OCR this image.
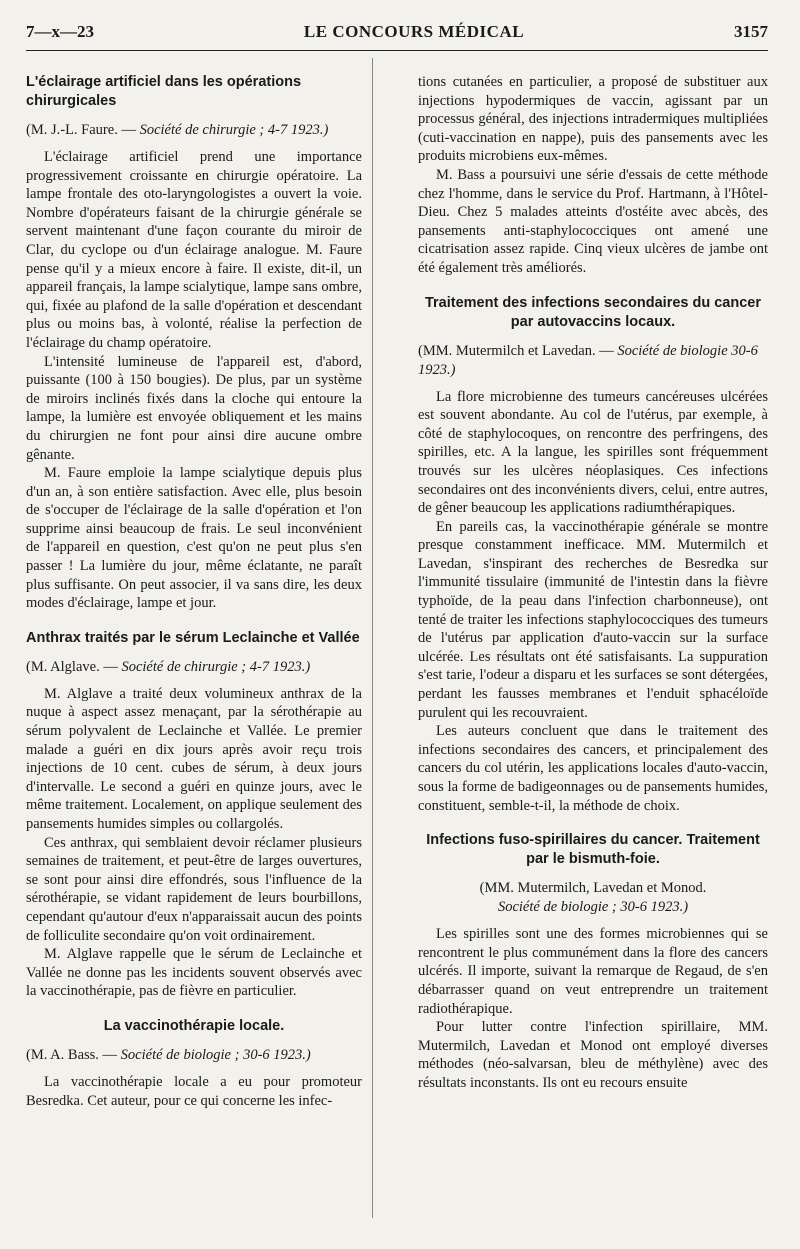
7—x—23	LE CONCOURS MÉDICAL	3157
L'éclairage artificiel dans les opérations chirurgicales
(M. J.-L. Faure. — Société de chirurgie ; 4-7 1923.)

L'éclairage artificiel prend une importance progressivement croissante en chirurgie opératoire. La lampe frontale des oto-laryngologistes a ouvert la voie. Nombre d'opérateurs faisant de la chirurgie générale se servent maintenant d'une façon courante du miroir de Clar, du cyclope ou d'un éclairage analogue. M. Faure pense qu'il y a mieux encore à faire. Il existe, dit-il, un appareil français, la lampe scialytique, lampe sans ombre, qui, fixée au plafond de la salle d'opération et descendant plus ou moins bas, à volonté, réalise la perfection de l'éclairage du champ opératoire.

L'intensité lumineuse de l'appareil est, d'abord, puissante (100 à 150 bougies). De plus, par un système de miroirs inclinés fixés dans la cloche qui entoure la lampe, la lumière est envoyée obliquement et les mains du chirurgien ne font pour ainsi dire aucune ombre gênante.

M. Faure emploie la lampe scialytique depuis plus d'un an, à son entière satisfaction. Avec elle, plus besoin de s'occuper de l'éclairage de la salle d'opération et l'on supprime ainsi beaucoup de frais. Le seul inconvénient de l'appareil en question, c'est qu'on ne peut plus s'en passer ! La lumière du jour, même éclatante, ne paraît plus suffisante. On peut associer, il va sans dire, les deux modes d'éclairage, lampe et jour.

Anthrax traités par le sérum Leclainche et Vallée
(M. Alglave. — Société de chirurgie ; 4-7 1923.)

M. Alglave a traité deux volumineux anthrax de la nuque à aspect assez menaçant, par la sérothérapie au sérum polyvalent de Leclainche et Vallée. Le premier malade a guéri en dix jours après avoir reçu trois injections de 10 cent. cubes de sérum, à deux jours d'intervalle. Le second a guéri en quinze jours, avec le même traitement. Localement, on applique seulement des pansements humides simples ou collargolés.

Ces anthrax, qui semblaient devoir réclamer plusieurs semaines de traitement, et peut-être de larges ouvertures, se sont pour ainsi dire effondrés, sous l'influence de la sérothérapie, se vidant rapidement de leurs bourbillons, cependant qu'autour d'eux n'apparaissait aucun des points de folliculite secondaire qu'on voit ordinairement.

M. Alglave rappelle que le sérum de Leclainche et Vallée ne donne pas les incidents souvent observés avec la vaccinothérapie, pas de fièvre en particulier.

La vaccinothérapie locale.
(M. A. Bass. — Société de biologie ; 30-6 1923.)

La vaccinothérapie locale a eu pour promoteur Besredka. Cet auteur, pour ce qui concerne les infec-

tions cutanées en particulier, a proposé de substituer aux injections hypodermiques de vaccin, agissant par un processus général, des injections intradermiques multipliées (cuti-vaccination en nappe), puis des pansements avec les produits microbiens eux-mêmes.

M. Bass a poursuivi une série d'essais de cette méthode chez l'homme, dans le service du Prof. Hartmann, à l'Hôtel-Dieu. Chez 5 malades atteints d'ostéite avec abcès, des pansements anti-staphylococciques ont amené une cicatrisation assez rapide. Cinq vieux ulcères de jambe ont été également très améliorés.

Traitement des infections secondaires du cancer par autovaccins locaux.
(MM. Mutermilch et Lavedan. — Société de biologie 30-6 1923.)

La flore microbienne des tumeurs cancéreuses ulcérées est souvent abondante. Au col de l'utérus, par exemple, à côté de staphylocoques, on rencontre des perfringens, des spirilles, etc. A la langue, les spirilles sont fréquemment trouvés sur les ulcères néoplasiques. Ces infections secondaires ont des inconvénients divers, celui, entre autres, de gêner beaucoup les applications radiumthérapiques.

En pareils cas, la vaccinothérapie générale se montre presque constamment inefficace. MM. Mutermilch et Lavedan, s'inspirant des recherches de Besredka sur l'immunité tissulaire (immunité de l'intestin dans la fièvre typhoïde, de la peau dans l'infection charbonneuse), ont tenté de traiter les infections staphylococciques des tumeurs de l'utérus par application d'auto-vaccin sur la surface ulcérée. Les résultats ont été satisfaisants. La suppuration s'est tarie, l'odeur a disparu et les surfaces se sont détergées, perdant les fausses membranes et l'enduit sphacéloïde purulent qui les recouvraient.

Les auteurs concluent que dans le traitement des infections secondaires des cancers, et principalement des cancers du col utérin, les applications locales d'auto-vaccin, sous la forme de badigeonnages ou de pansements humides, constituent, semble-t-il, la méthode de choix.

Infections fuso-spirillaires du cancer. Traitement par le bismuth-foie.
(MM. Mutermilch, Lavedan et Monod.
Société de biologie ; 30-6 1923.)

Les spirilles sont une des formes microbiennes qui se rencontrent le plus communément dans la flore des cancers ulcérés. Il importe, suivant la remarque de Regaud, de s'en débarrasser quand on veut entreprendre un traitement radiothérapique.

Pour lutter contre l'infection spirillaire, MM. Mutermilch, Lavedan et Monod ont employé diverses méthodes (néo-salvarsan, bleu de méthylène) avec des résultats inconstants. Ils ont eu recours ensuite
